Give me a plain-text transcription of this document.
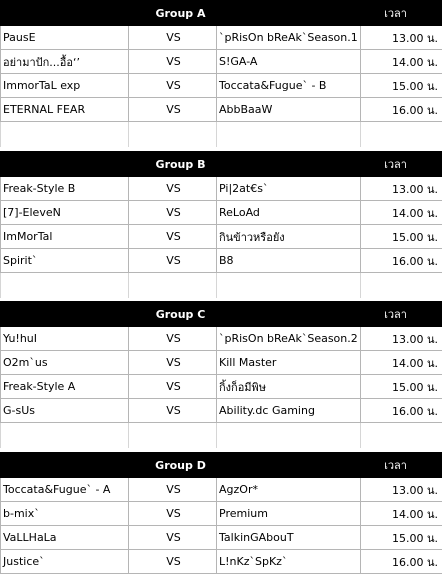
Group A			เวลา
PausE	VS	`pRisOn bReAk`Season.1	13.00 น.
อย่ามาปัก...อื้อ‘’	VS	S!GA-A	14.00 น.
ImmorTaL exp	VS	Toccata&Fugue` - B	15.00 น.
ETERNAL FEAR	VS	AbbBaaW	16.00 น.

Group B			เวลา
Freak-Style B	VS	Pi|2at€s`	13.00 น.
[7]-EleveN	VS	ReLoAd	14.00 น.
ImMorTal	VS	กินข้าวหรือยัง	15.00 น.
Spirit`	VS	B8	16.00 น.

Group C			เวลา
Yu!huI	VS	`pRisOn bReAk`Season.2	13.00 น.
O2m`us	VS	Kill Master	14.00 น.
Freak-Style A	VS	กิ้งก็อมีพิษ	15.00 น.
G-sUs	VS	Ability.dc Gaming	16.00 น.

Group D			เวลา
Toccata&Fugue` - A	VS	AgzOr*	13.00 น.
b-mix`	VS	Premium	14.00 น.
VaLLHaLa	VS	TalkinGAbouT	15.00 น.
Justice`	VS	L!nKz`SpKz`	16.00 น.
